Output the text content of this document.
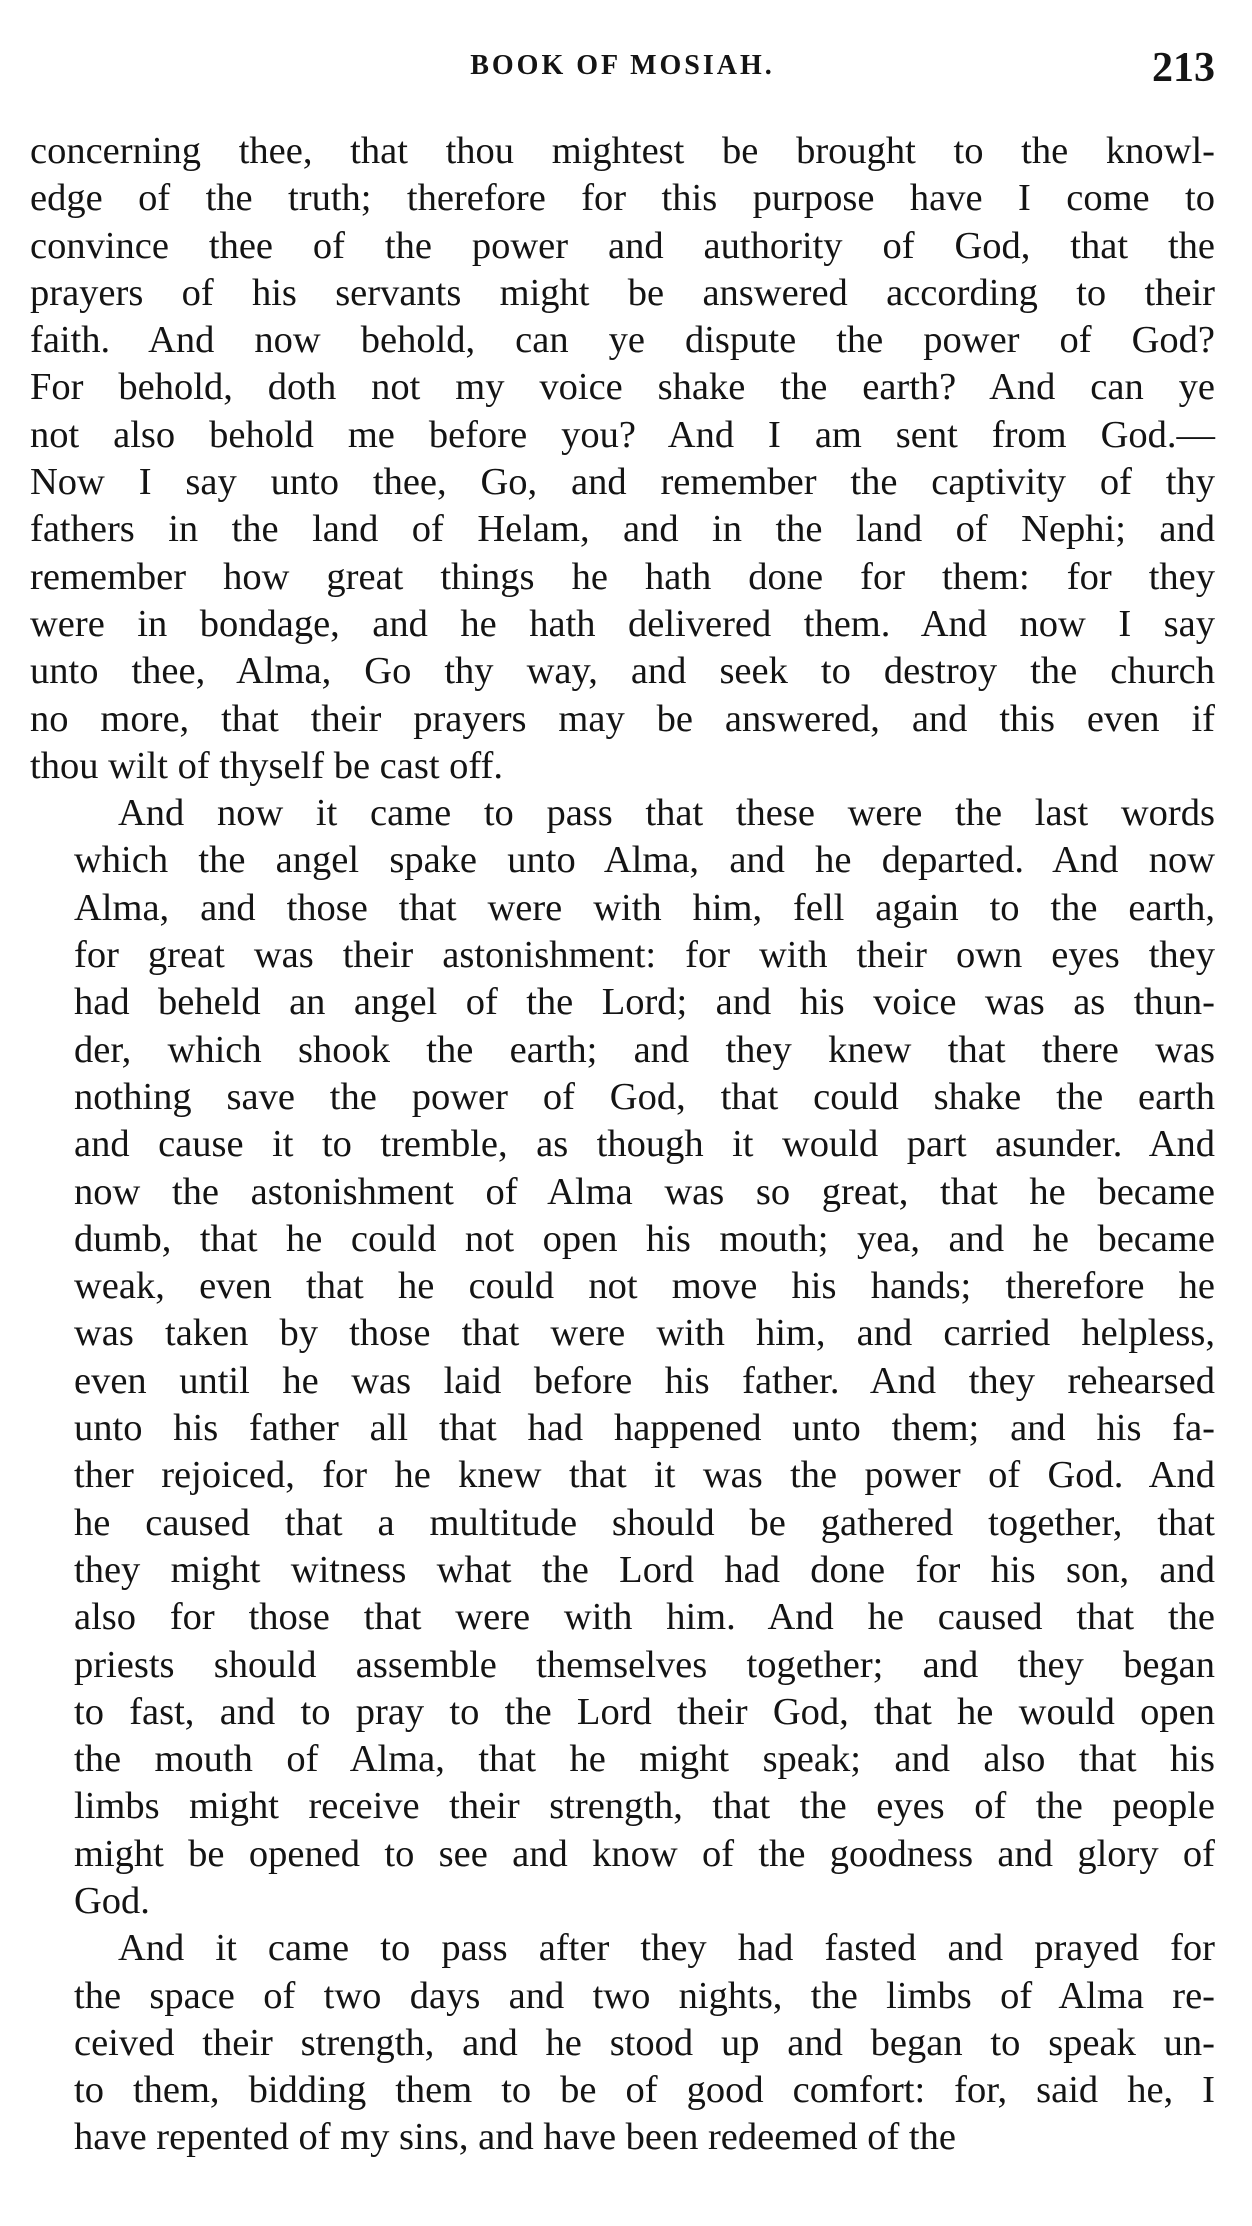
BOOK OF MOSIAH.	213

concerning thee, that thou mightest be brought to the knowl-
edge of the truth; therefore for this purpose have I come to
convince thee of the power and authority of God, that the
prayers of his servants might be answered according to their
faith. And now behold, can ye dispute the power of God?
For behold, doth not my voice shake the earth? And can ye
not also behold me before you? And I am sent from God.—
Now I say unto thee, Go, and remember the captivity of thy
fathers in the land of Helam, and in the land of Nephi; and
remember how great things he hath done for them: for they
were in bondage, and he hath delivered them. And now I say
unto thee, Alma, Go thy way, and seek to destroy the church
no more, that their prayers may be answered, and this even if
thou wilt of thyself be cast off.

And now it came to pass that these were the last words
which the angel spake unto Alma, and he departed. And now
Alma, and those that were with him, fell again to the earth,
for great was their astonishment: for with their own eyes they
had beheld an angel of the Lord; and his voice was as thun-
der, which shook the earth; and they knew that there was
nothing save the power of God, that could shake the earth
and cause it to tremble, as though it would part asunder. And
now the astonishment of Alma was so great, that he became
dumb, that he could not open his mouth; yea, and he became
weak, even that he could not move his hands; therefore he
was taken by those that were with him, and carried helpless,
even until he was laid before his father. And they rehearsed
unto his father all that had happened unto them; and his fa-
ther rejoiced, for he knew that it was the power of God. And
he caused that a multitude should be gathered together, that
they might witness what the Lord had done for his son, and
also for those that were with him. And he caused that the
priests should assemble themselves together; and they began
to fast, and to pray to the Lord their God, that he would open
the mouth of Alma, that he might speak; and also that his
limbs might receive their strength, that the eyes of the people
might be opened to see and know of the goodness and glory of
God.

And it came to pass after they had fasted and prayed for
the space of two days and two nights, the limbs of Alma re-
ceived their strength, and he stood up and began to speak un-
to them, bidding them to be of good comfort: for, said he, I
have repented of my sins, and have been redeemed of the
